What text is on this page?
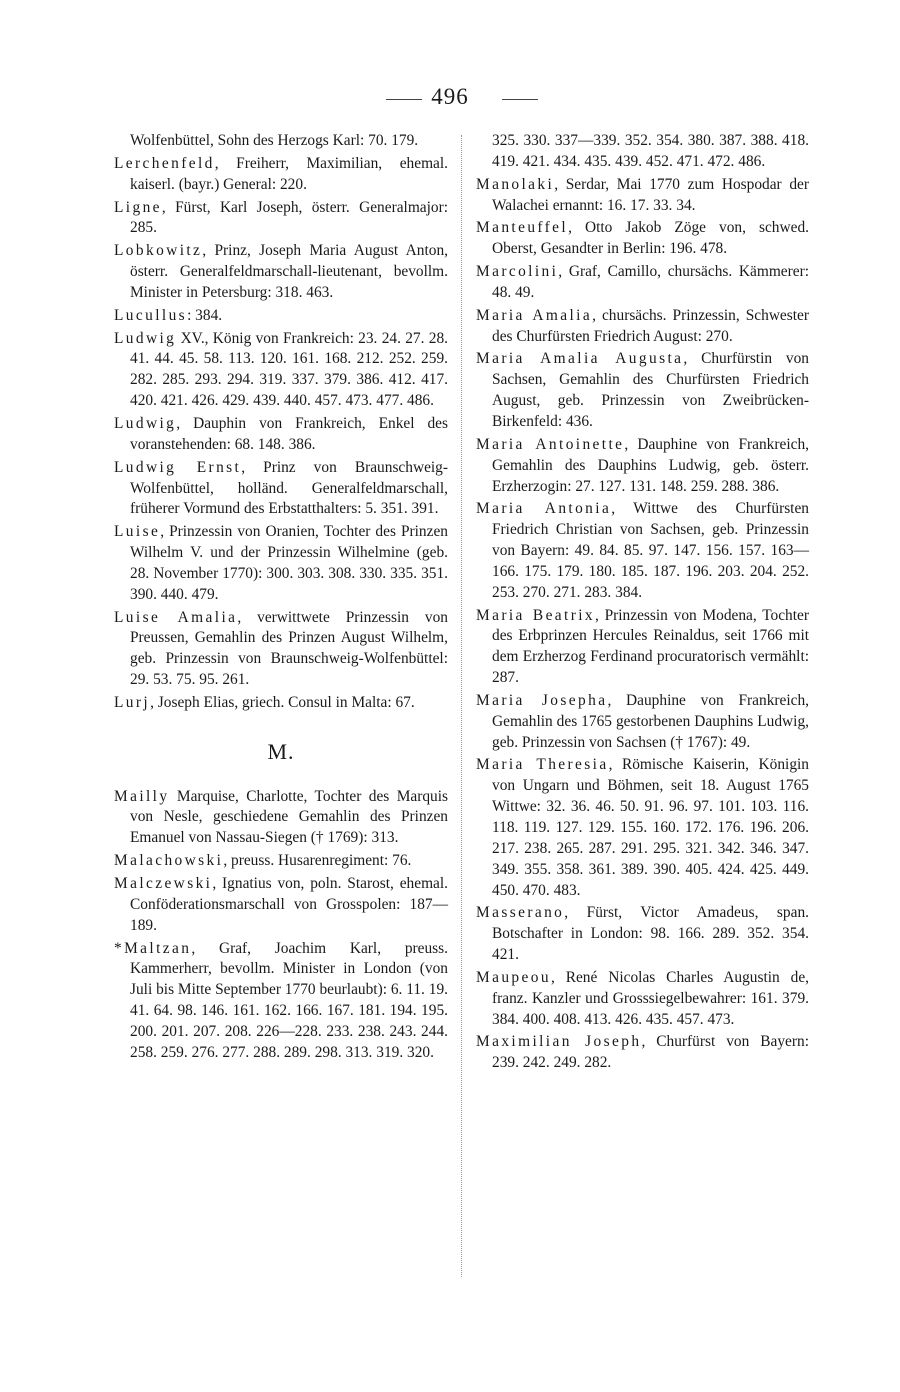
496

Wolfenbüttel, Sohn des Herzogs Karl: 70. 179.

Lerchenfeld, Freiherr, Maximilian, ehemal. kaiserl. (bayr.) General: 220.

Ligne, Fürst, Karl Joseph, österr. Generalmajor: 285.

Lobkowitz, Prinz, Joseph Maria August Anton, österr. Generalfeldmarschall-lieutenant, bevollm. Minister in Petersburg: 318. 463.

Lucullus: 384.

Ludwig XV., König von Frankreich: 23. 24. 27. 28. 41. 44. 45. 58. 113. 120. 161. 168. 212. 252. 259. 282. 285. 293. 294. 319. 337. 379. 386. 412. 417. 420. 421. 426. 429. 439. 440. 457. 473. 477. 486.

Ludwig, Dauphin von Frankreich, Enkel des voranstehenden: 68. 148. 386.

Ludwig Ernst, Prinz von Braunschweig-Wolfenbüttel, holländ. Generalfeldmarschall, früherer Vormund des Erbstatthalters: 5. 351. 391.

Luise, Prinzessin von Oranien, Tochter des Prinzen Wilhelm V. und der Prinzessin Wilhelmine (geb. 28. November 1770): 300. 303. 308. 330. 335. 351. 390. 440. 479.

Luise Amalia, verwittwete Prinzessin von Preussen, Gemahlin des Prinzen August Wilhelm, geb. Prinzessin von Braunschweig-Wolfenbüttel: 29. 53. 75. 95. 261.

Lurj, Joseph Elias, griech. Consul in Malta: 67.

M.

Mailly Marquise, Charlotte, Tochter des Marquis von Nesle, geschiedene Gemahlin des Prinzen Emanuel von Nassau-Siegen († 1769): 313.

Malachowski, preuss. Husarenregiment: 76.

Malczewski, Ignatius von, poln. Starost, ehemal. Conföderationsmarschall von Grosspolen: 187—189.

*Maltzan, Graf, Joachim Karl, preuss. Kammerherr, bevollm. Minister in London (von Juli bis Mitte September 1770 beurlaubt): 6. 11. 19. 41. 64. 98. 146. 161. 162. 166. 167. 181. 194. 195. 200. 201. 207. 208. 226—228. 233. 238. 243. 244. 258. 259. 276. 277. 288. 289. 298. 313. 319. 320.

325. 330. 337—339. 352. 354. 380. 387. 388. 418. 419. 421. 434. 435. 439. 452. 471. 472. 486.

Manolaki, Serdar, Mai 1770 zum Hospodar der Walachei ernannt: 16. 17. 33. 34.

Manteuffel, Otto Jakob Zöge von, schwed. Oberst, Gesandter in Berlin: 196. 478.

Marcolini, Graf, Camillo, chursächs. Kämmerer: 48. 49.

Maria Amalia, chursächs. Prinzessin, Schwester des Churfürsten Friedrich August: 270.

Maria Amalia Augusta, Churfürstin von Sachsen, Gemahlin des Churfürsten Friedrich August, geb. Prinzessin von Zweibrücken-Birkenfeld: 436.

Maria Antoinette, Dauphine von Frankreich, Gemahlin des Dauphins Ludwig, geb. österr. Erzherzogin: 27. 127. 131. 148. 259. 288. 386.

Maria Antonia, Wittwe des Churfürsten Friedrich Christian von Sachsen, geb. Prinzessin von Bayern: 49. 84. 85. 97. 147. 156. 157. 163—166. 175. 179. 180. 185. 187. 196. 203. 204. 252. 253. 270. 271. 283. 384.

Maria Beatrix, Prinzessin von Modena, Tochter des Erbprinzen Hercules Reinaldus, seit 1766 mit dem Erzherzog Ferdinand procuratorisch vermählt: 287.

Maria Josepha, Dauphine von Frankreich, Gemahlin des 1765 gestorbenen Dauphins Ludwig, geb. Prinzessin von Sachsen († 1767): 49.

Maria Theresia, Römische Kaiserin, Königin von Ungarn und Böhmen, seit 18. August 1765 Wittwe: 32. 36. 46. 50. 91. 96. 97. 101. 103. 116. 118. 119. 127. 129. 155. 160. 172. 176. 196. 206. 217. 238. 265. 287. 291. 295. 321. 342. 346. 347. 349. 355. 358. 361. 389. 390. 405. 424. 425. 449. 450. 470. 483.

Masserano, Fürst, Victor Amadeus, span. Botschafter in London: 98. 166. 289. 352. 354. 421.

Maupeou, René Nicolas Charles Augustin de, franz. Kanzler und Grosssiegelbewahrer: 161. 379. 384. 400. 408. 413. 426. 435. 457. 473.

Maximilian Joseph, Churfürst von Bayern: 239. 242. 249. 282.
